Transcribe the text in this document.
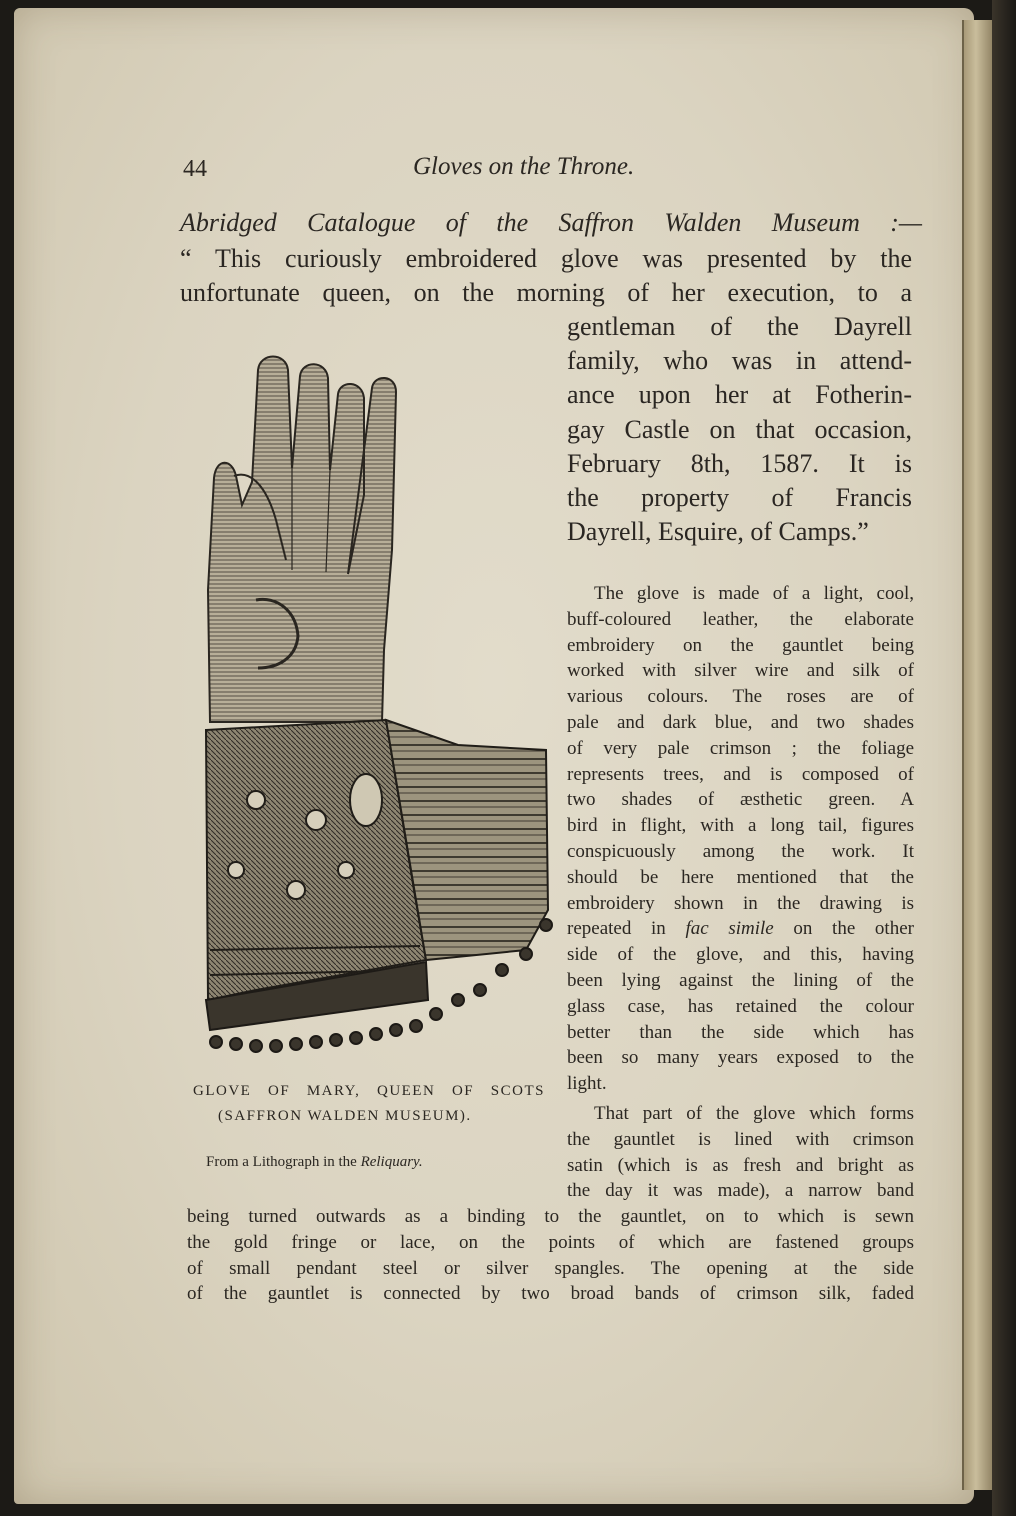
44	Gloves on the Throne.
Abridged Catalogue of the Saffron Walden Museum :—
“ This curiously embroidered glove was presented by the
unfortunate queen, on the morning of her execution, to a
gentleman of the Dayrell
family, who was in attend-
ance upon her at Fotherin-
gay Castle on that occasion,
February 8th, 1587. It is
the property of Francis
Dayrell, Esquire, of Camps.”
GLOVE OF MARY, QUEEN OF SCOTS
(SAFFRON WALDEN MUSEUM).
From a Lithograph in the Reliquary.
The glove is made of a light, cool,
buff-coloured leather, the elaborate
embroidery on the gauntlet being
worked with silver wire and silk of
various colours. The roses are of
pale and dark blue, and two shades
of very pale crimson ; the foliage
represents trees, and is composed of
two shades of æsthetic green. A
bird in flight, with a long tail, figures
conspicuously among the work. It
should be here mentioned that the
embroidery shown in the drawing is
repeated in fac simile on the other
side of the glove, and this, having
been lying against the lining of the
glass case, has retained the colour
better than the side which has
been so many years exposed to the
light.
That part of the glove which forms
the gauntlet is lined with crimson
satin (which is as fresh and bright as
the day it was made), a narrow band
being turned outwards as a binding to the gauntlet, on to which is sewn
the gold fringe or lace, on the points of which are fastened groups
of small pendant steel or silver spangles. The opening at the side
of the gauntlet is connected by two broad bands of crimson silk, faded
